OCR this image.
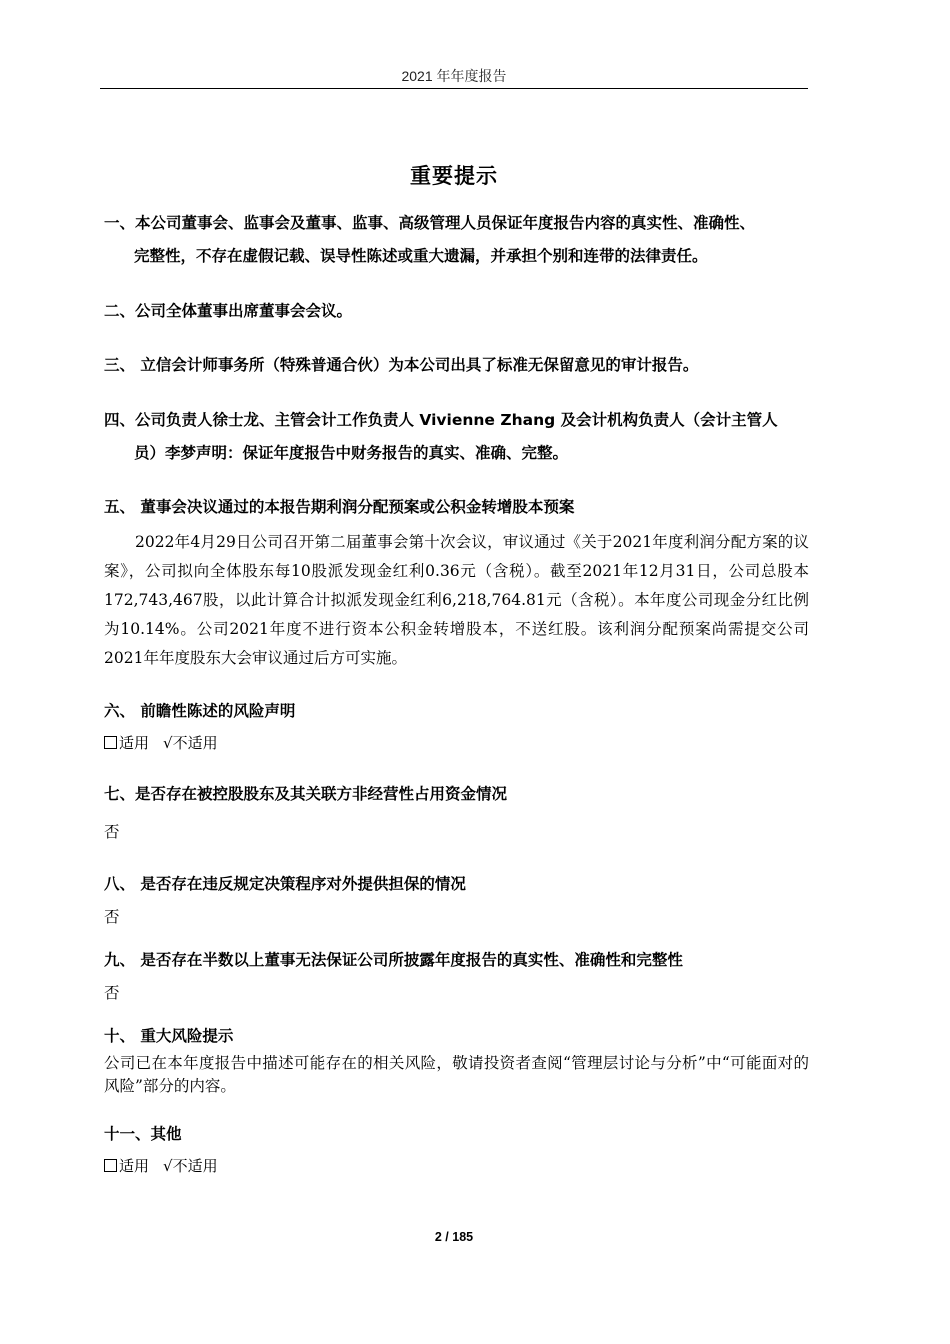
2021 年年度报告
重要提示
一、本公司董事会、监事会及董事、监事、高级管理人员保证年度报告内容的真实性、准确性、
完整性，不存在虚假记载、误导性陈述或重大遗漏，并承担个别和连带的法律责任。
二、公司全体董事出席董事会会议。
三、 立信会计师事务所（特殊普通合伙）为本公司出具了标准无保留意见的审计报告。
四、公司负责人徐士龙、主管会计工作负责人 Vivienne Zhang 及会计机构负责人（会计主管人
员）李梦声明：保证年度报告中财务报告的真实、准确、完整。
五、 董事会决议通过的本报告期利润分配预案或公积金转增股本预案
2022年4月29日公司召开第二届董事会第十次会议，审议通过《关于2021年度利润分配方案的议案》，公司拟向全体股东每10股派发现金红利0.36元（含税）。截至2021年12月31日，公司总股本172,743,467股，以此计算合计拟派发现金红利6,218,764.81元（含税）。本年度公司现金分红比例为10.14%。公司2021年度不进行资本公积金转增股本，不送红股。该利润分配预案尚需提交公司2021年年度股东大会审议通过后方可实施。
六、 前瞻性陈述的风险声明
适用 √不适用
七、是否存在被控股股东及其关联方非经营性占用资金情况
否
八、 是否存在违反规定决策程序对外提供担保的情况
否
九、 是否存在半数以上董事无法保证公司所披露年度报告的真实性、准确性和完整性
否
十、 重大风险提示
公司已在本年度报告中描述可能存在的相关风险，敬请投资者查阅“管理层讨论与分析”中“可能面对的风险”部分的内容。
十一、其他
适用 √不适用
2 / 185
